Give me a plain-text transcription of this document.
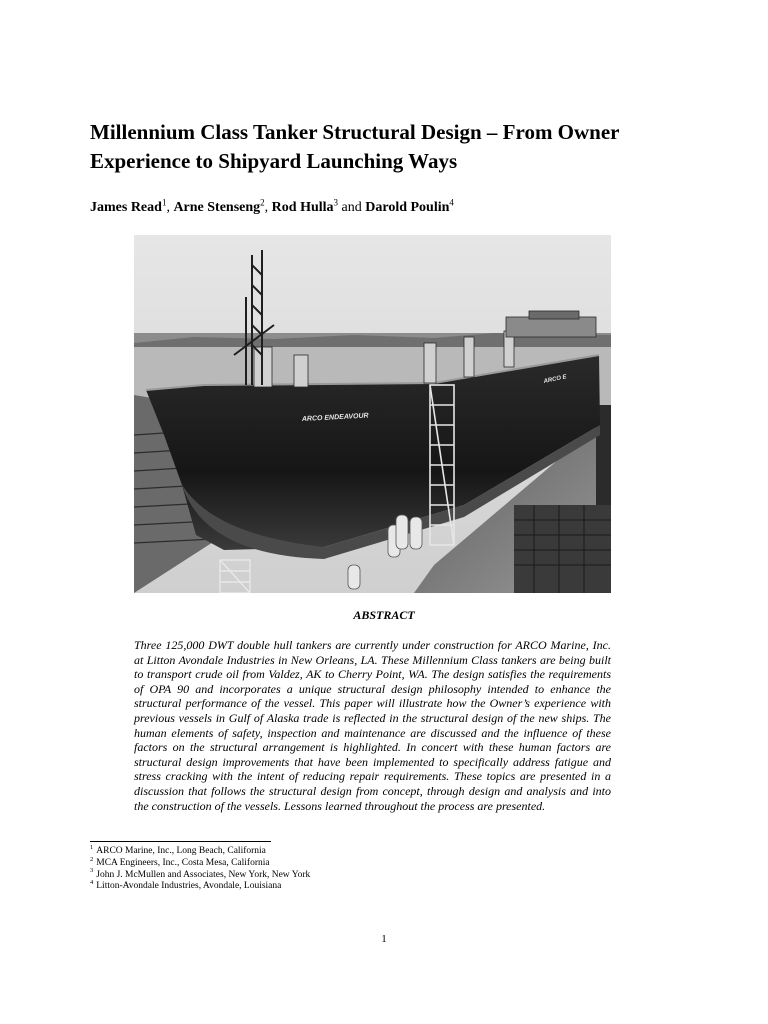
Millennium Class Tanker Structural Design – From Owner Experience to Shipyard Launching Ways
James Read$^1$, Arne Stenseng$^2$, Rod Hulla$^3$ and Darold Poulin$^4$
ARCO ENDEAVOUR
ARCO E
ABSTRACT

Three 125,000 DWT double hull tankers are currently under construction for ARCO Marine, Inc. at Litton Avondale Industries in New Orleans, LA. These Millennium Class tankers are being built to transport crude oil from Valdez, AK to Cherry Point, WA. The design satisfies the requirements of OPA 90 and incorporates a unique structural design philosophy intended to enhance the structural performance of the vessel. This paper will illustrate how the Owner’s experience with previous vessels in Gulf of Alaska trade is reflected in the structural design of the new ships. The human elements of safety, inspection and maintenance are discussed and the influence of these factors on the structural arrangement is highlighted. In concert with these human factors are structural design improvements that have been implemented to specifically address fatigue and stress cracking with the intent of reducing repair requirements. These topics are presented in a discussion that follows the structural design from concept, through design and analysis and into the construction of the vessels. Lessons learned throughout the process are presented.

$^1$ ARCO Marine, Inc., Long Beach, California
$^2$ MCA Engineers, Inc., Costa Mesa, California
$^3$ John J. McMullen and Associates, New York, New York
$^4$ Litton-Avondale Industries, Avondale, Louisiana
1
